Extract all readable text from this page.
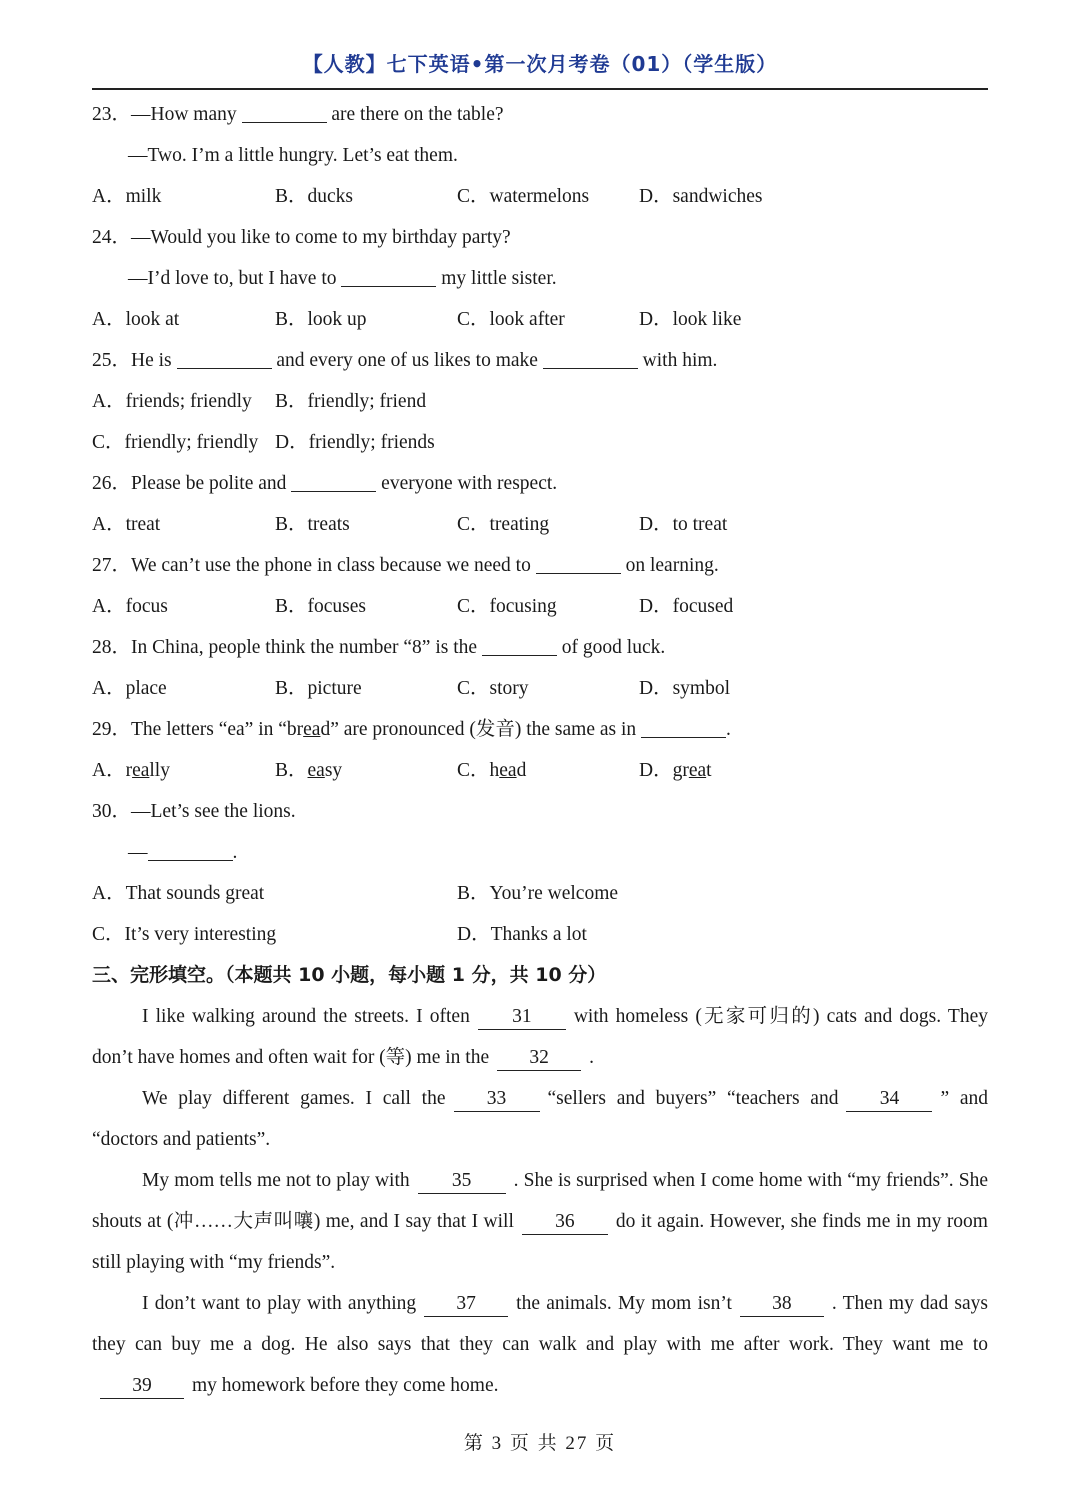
【人教】七下英语•第一次月考卷（01）（学生版）
23．—How many	are there on the table?
—Two. I’m a little hungry. Let’s eat them.
A．milk	B．ducks	C．watermelons	D．sandwiches
24．—Would you like to come to my birthday party?
—I’d love to, but I have to	my little sister.
A．look at	B．look up	C．look after	D．look like
25．He is	and every one of us likes to make	with him.
A．friends; friendly B．friendly; friend
C．friendly; friendly D．friendly; friends
26．Please be polite and	everyone with respect.
A．treat	B．treats	C．treating	D．to treat
27．We can’t use the phone in class because we need to	on learning.
A．focus	B．focuses	C．focusing	D．focused
28．In China, people think the number “8” is the	of good luck.
A．place	B．picture	C．story	D．symbol
29．The letters “ea” in “bread” are pronounced (发音) the same as in	.
A．really	B．easy	C．head	D．great
30．—Let’s see the lions.
—	.
A．That sounds great	B．You’re welcome
C．It’s very interesting	D．Thanks a lot
三、完形填空。（本题共 10 小题，每小题 1 分，共 10 分）

I like walking around the streets. I often 31 with homeless (无家可归的) cats and dogs. They don’t have homes and often wait for (等) me in the 32 .

We play different games. I call the 33 “sellers and buyers” “teachers and 34 ” and “doctors and patients”.

My mom tells me not to play with 35 . She is surprised when I come home with “my friends”. She shouts at (冲……大声叫嚷) me, and I say that I will 36 do it again. However, she finds me in my room still playing with “my friends”.

I don’t want to play with anything 37 the animals. My mom isn’t 38 . Then my dad says they can buy me a dog. He also says that they can walk and play with me after work. They want me to39 my homework before they come home.

第 3 页 共 27 页
